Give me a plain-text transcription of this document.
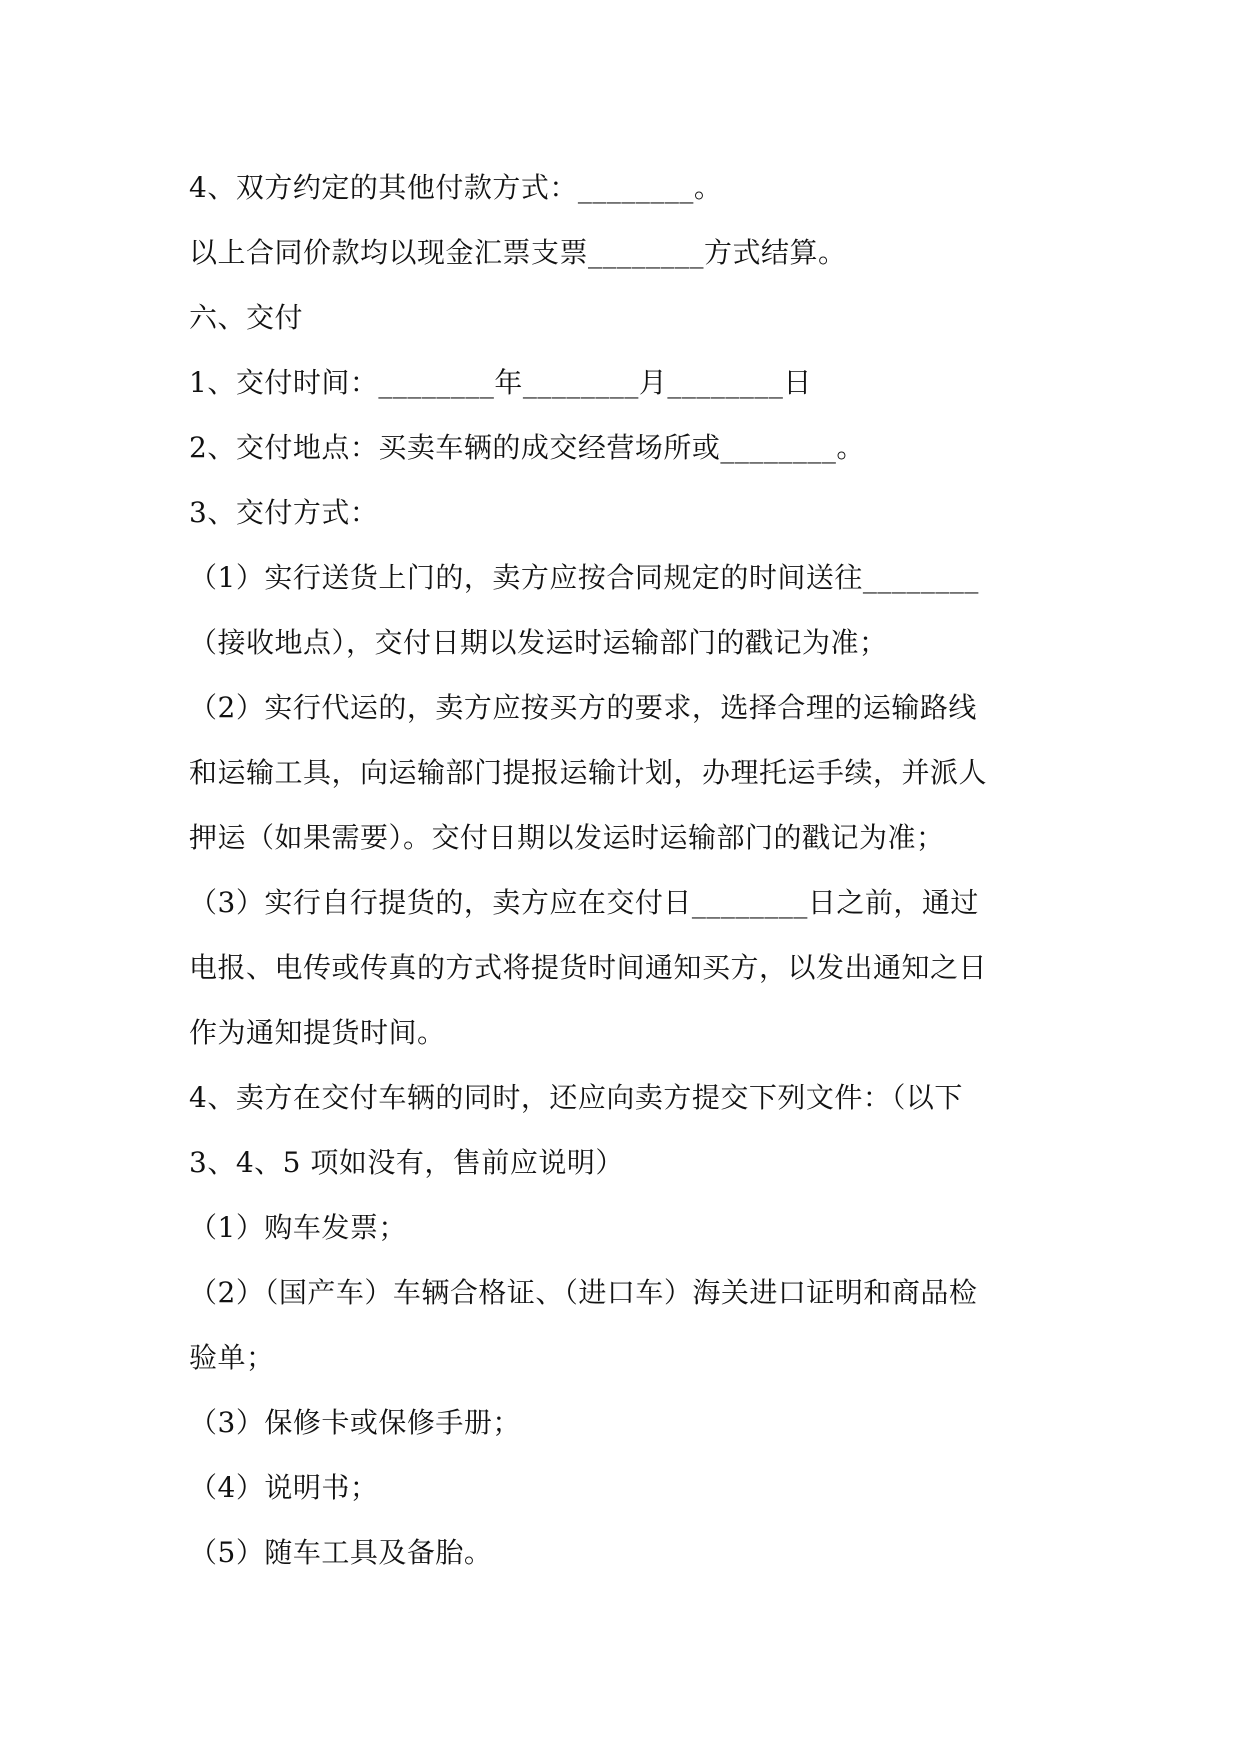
4、双方约定的其他付款方式：________。

以上合同价款均以现金汇票支票________方式结算。

六、交付

1、交付时间：________年________月________日

2、交付地点：买卖车辆的成交经营场所或________。

3、交付方式：

（1）实行送货上门的，卖方应按合同规定的时间送往________

（接收地点），交付日期以发运时运输部门的戳记为准；

（2）实行代运的，卖方应按买方的要求，选择合理的运输路线

和运输工具，向运输部门提报运输计划，办理托运手续，并派人

押运（如果需要）。交付日期以发运时运输部门的戳记为准；

（3）实行自行提货的，卖方应在交付日________日之前，通过

电报、电传或传真的方式将提货时间通知买方，以发出通知之日

作为通知提货时间。

4、卖方在交付车辆的同时，还应向卖方提交下列文件：（以下

3、4、5 项如没有，售前应说明）

（1）购车发票；

（2）（国产车）车辆合格证、（进口车）海关进口证明和商品检

验单；

（3）保修卡或保修手册；

（4）说明书；

（5）随车工具及备胎。
